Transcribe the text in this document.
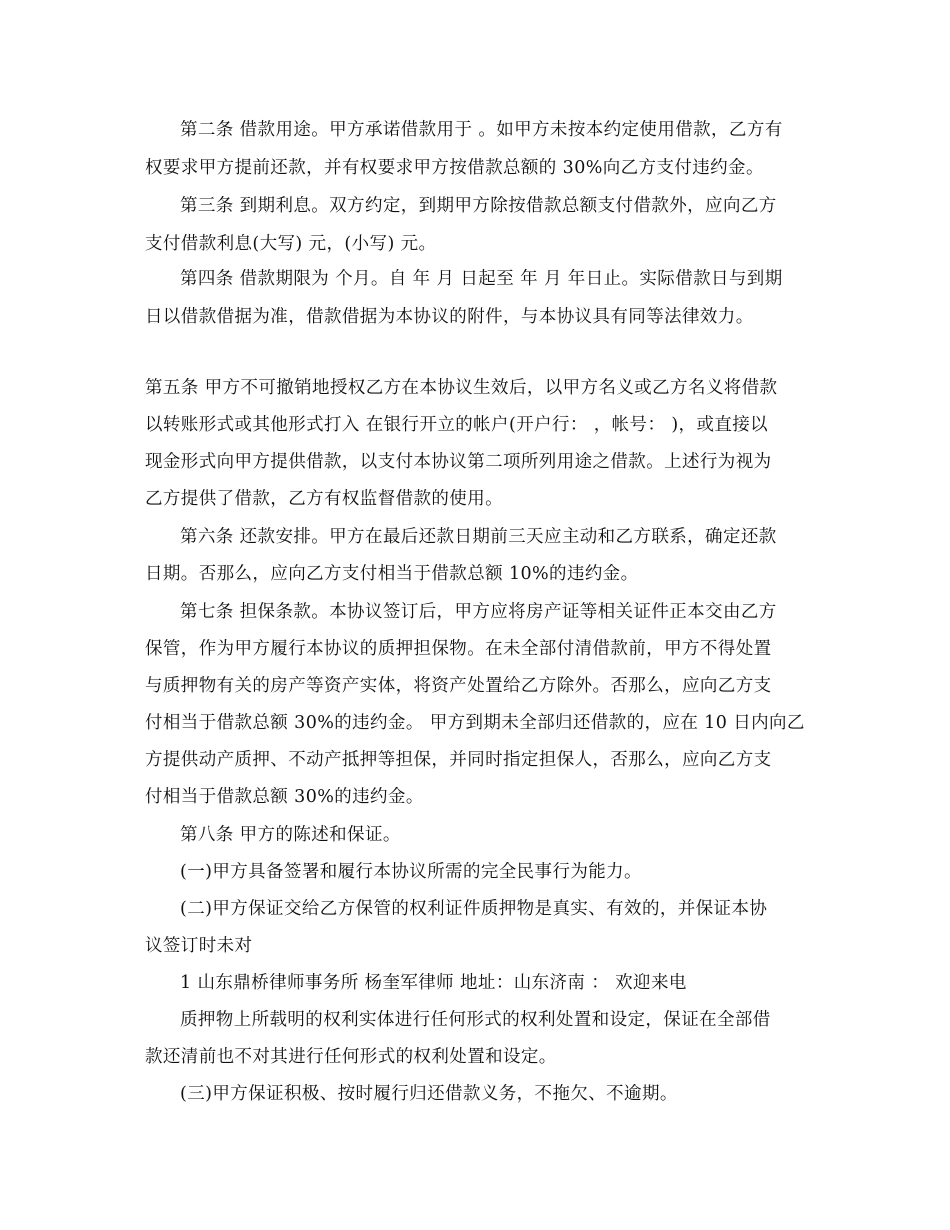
第二条 借款用途。甲方承诺借款用于 。如甲方未按本约定使用借款，乙方有
权要求甲方提前还款，并有权要求甲方按借款总额的 30%向乙方支付违约金。
第三条 到期利息。双方约定，到期甲方除按借款总额支付借款外，应向乙方
支付借款利息(大写) 元，(小写) 元。
第四条 借款期限为 个月。自 年 月 日起至 年 月 年日止。实际借款日与到期
日以借款借据为准，借款借据为本协议的附件，与本协议具有同等法律效力。
第五条 甲方不可撤销地授权乙方在本协议生效后，以甲方名义或乙方名义将借款
以转账形式或其他形式打入 在银行开立的帐户(开户行： ，帐号： )，或直接以
现金形式向甲方提供借款，以支付本协议第二项所列用途之借款。上述行为视为
乙方提供了借款，乙方有权监督借款的使用。
第六条 还款安排。甲方在最后还款日期前三天应主动和乙方联系，确定还款
日期。否那么，应向乙方支付相当于借款总额 10%的违约金。
第七条 担保条款。本协议签订后，甲方应将房产证等相关证件正本交由乙方
保管，作为甲方履行本协议的质押担保物。在未全部付清借款前，甲方不得处置
与质押物有关的房产等资产实体，将资产处置给乙方除外。否那么，应向乙方支
付相当于借款总额 30%的违约金。 甲方到期未全部归还借款的，应在 10 日内向乙
方提供动产质押、不动产抵押等担保，并同时指定担保人，否那么，应向乙方支
付相当于借款总额 30%的违约金。
第八条 甲方的陈述和保证。
(一)甲方具备签署和履行本协议所需的完全民事行为能力。
(二)甲方保证交给乙方保管的权利证件质押物是真实、有效的，并保证本协
议签订时未对
1 山东鼎桥律师事务所 杨奎军律师 地址：山东济南 ： 欢迎来电
质押物上所载明的权利实体进行任何形式的权利处置和设定，保证在全部借
款还清前也不对其进行任何形式的权利处置和设定。
(三)甲方保证积极、按时履行归还借款义务，不拖欠、不逾期。
